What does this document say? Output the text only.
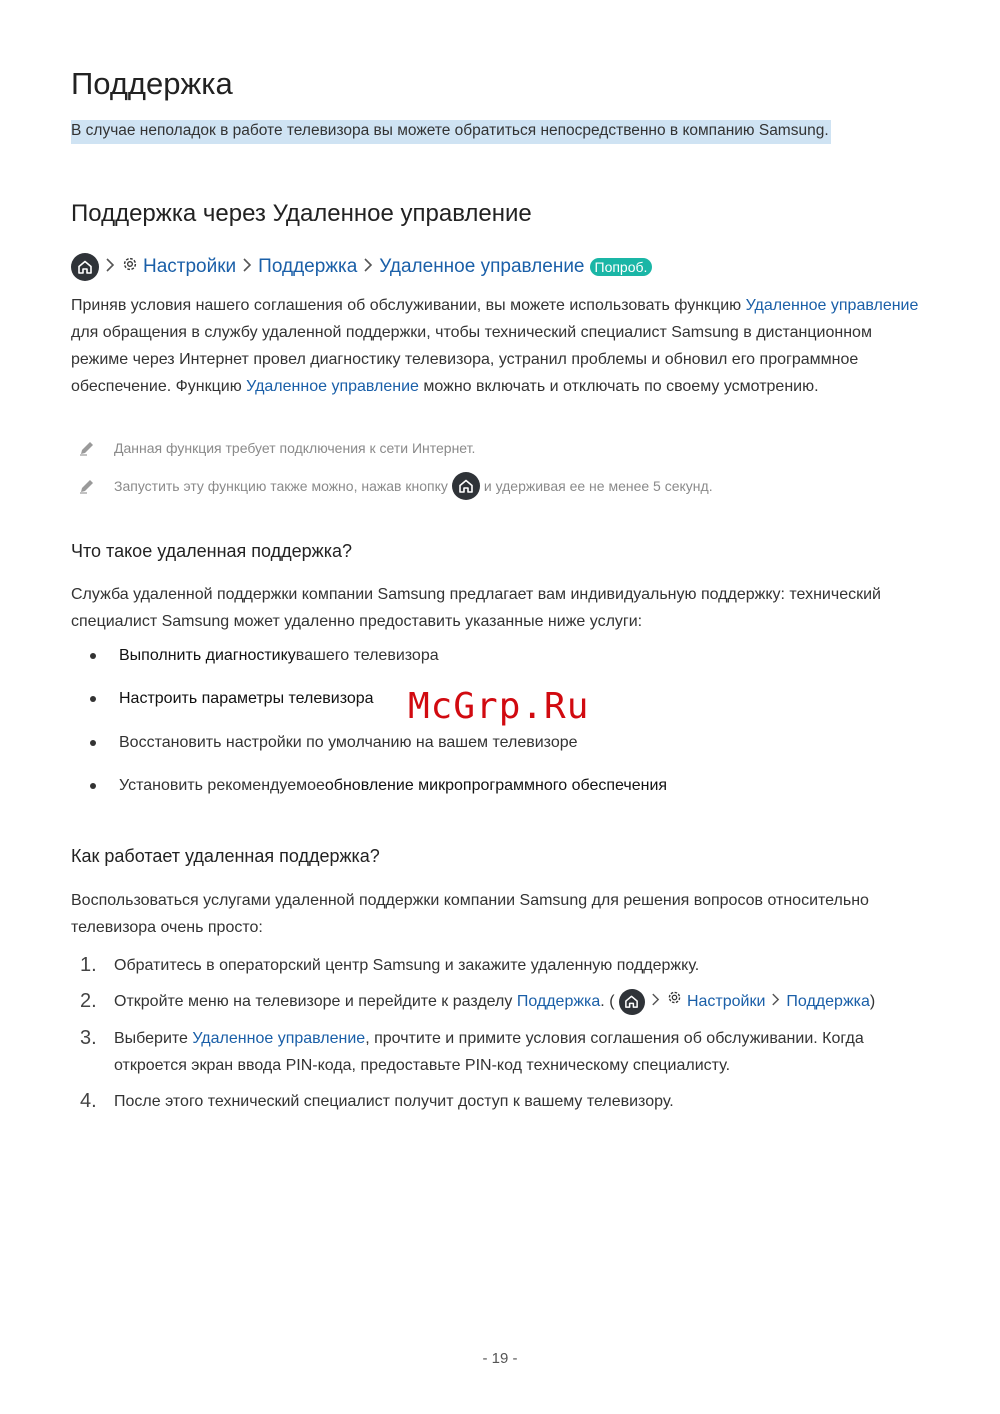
Поддержка
В случае неполадок в работе телевизора вы можете обратиться непосредственно в компанию Samsung.
Поддержка через Удаленное управление
Настройки Поддержка Удаленное управление Попроб.

Приняв условия нашего соглашения об обслуживании, вы можете использовать функцию Удаленное управление для обращения в службу удаленной поддержки, чтобы технический специалист Samsung в дистанционном режиме через Интернет провел диагностику телевизора, устранил проблемы и обновил его программное обеспечение. Функцию Удаленное управление можно включать и отключать по своему усмотрению.

Данная функция требует подключения к сети Интернет.
Запустить эту функцию также можно, нажав кнопку	и удерживая ее не менее 5 секунд.
Что такое удаленная поддержка?

Служба удаленной поддержки компании Samsung предлагает вам индивидуальную поддержку: технический специалист Samsung может удаленно предоставить указанные ниже услуги:

Выполнить диагностику вашего телевизора
Настроить параметры телевизора
Восстановить настройки по умолчанию на вашем телевизоре
Установить рекомендуемое обновление микропрограммного обеспечения
Как работает удаленная поддержка?

Воспользоваться услугами удаленной поддержки компании Samsung для решения вопросов относительно телевизора очень просто:

1.	Обратитесь в операторский центр Samsung и закажите удаленную поддержку.
2.	Откройте меню на телевизоре и перейдите к разделу Поддержка. (	Настройки Поддержка )
3.	Выберите Удаленное управление, прочтите и примите условия соглашения об обслуживании. Когда откроется экран ввода PIN-кода, предоставьте PIN-код техническому специалисту.
4.	После этого технический специалист получит доступ к вашему телевизору.
McGrp.Ru
- 19 -
